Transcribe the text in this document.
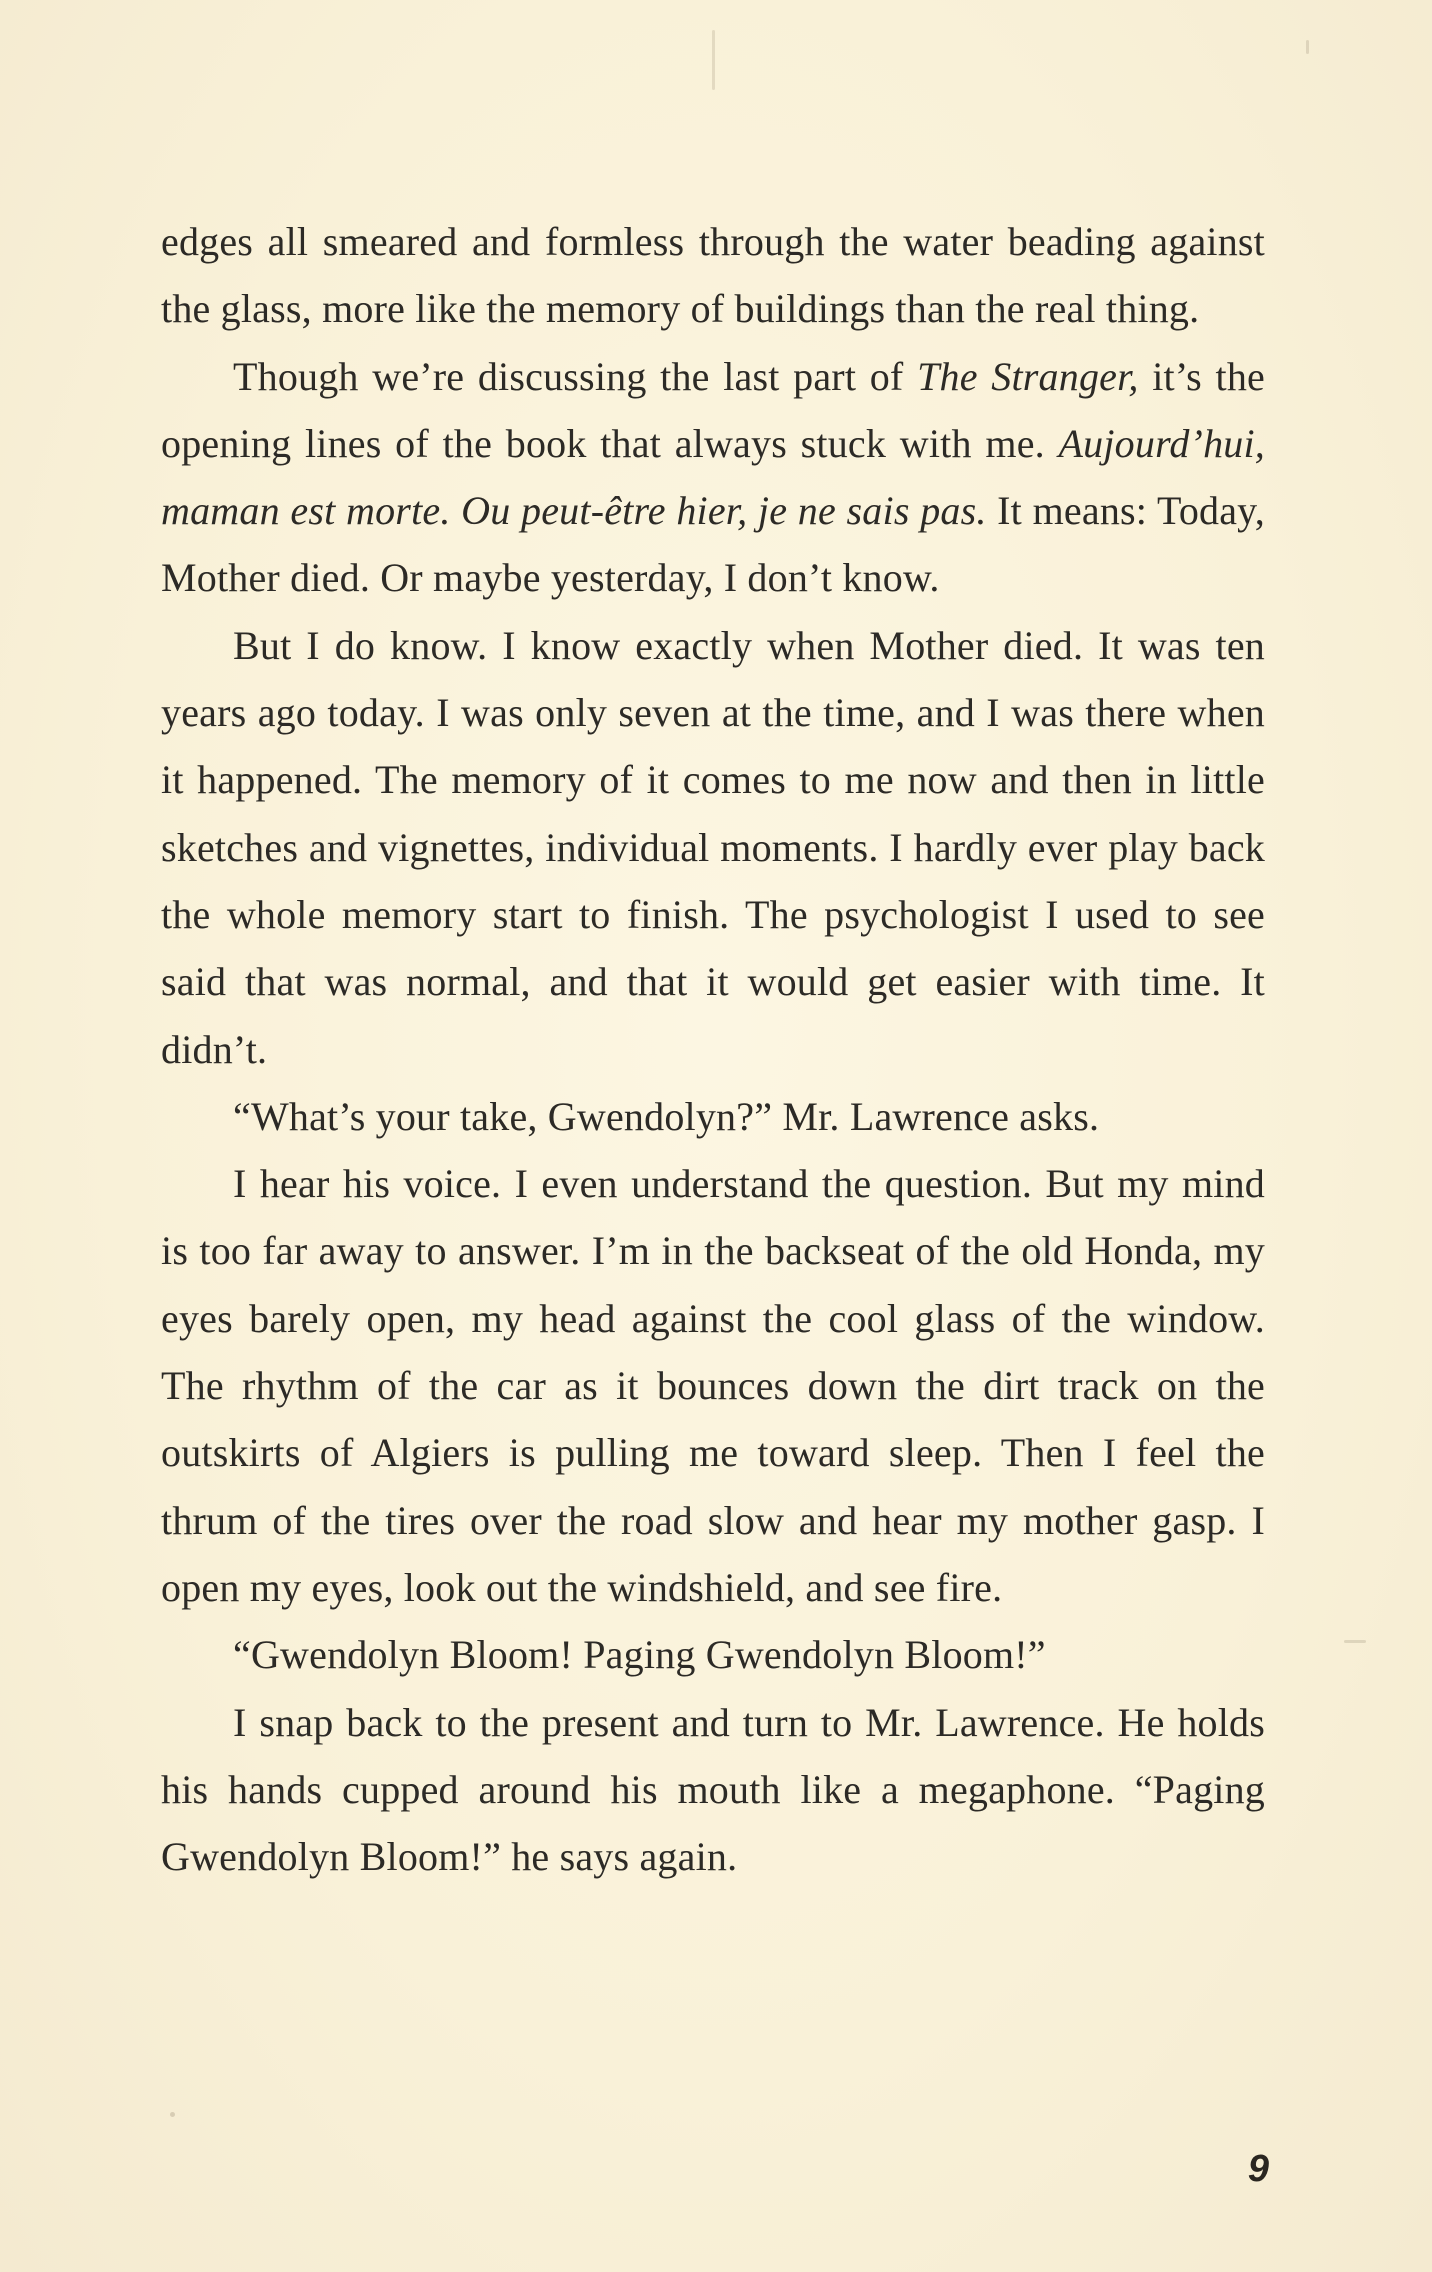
edges all smeared and formless through the water beading against the glass, more like the memory of buildings than the real thing.

Though we’re discussing the last part of The Stranger, it’s the opening lines of the book that always stuck with me. Aujourd’hui, maman est morte. Ou peut-être hier, je ne sais pas. It means: Today, Mother died. Or maybe yesterday, I don’t know.

But I do know. I know exactly when Mother died. It was ten years ago today. I was only seven at the time, and I was there when it happened. The memory of it comes to me now and then in little sketches and vignettes, individual moments. I hardly ever play back the whole memory start to finish. The psychologist I used to see said that was normal, and that it would get easier with time. It didn’t.

“What’s your take, Gwendolyn?” Mr. Lawrence asks.

I hear his voice. I even understand the question. But my mind is too far away to answer. I’m in the backseat of the old Honda, my eyes barely open, my head against the cool glass of the window. The rhythm of the car as it bounces down the dirt track on the outskirts of Algiers is pulling me toward sleep. Then I feel the thrum of the tires over the road slow and hear my mother gasp. I open my eyes, look out the windshield, and see fire.

“Gwendolyn Bloom! Paging Gwendolyn Bloom!”

I snap back to the present and turn to Mr. Lawrence. He holds his hands cupped around his mouth like a megaphone. “Paging Gwendolyn Bloom!” he says again.

9
